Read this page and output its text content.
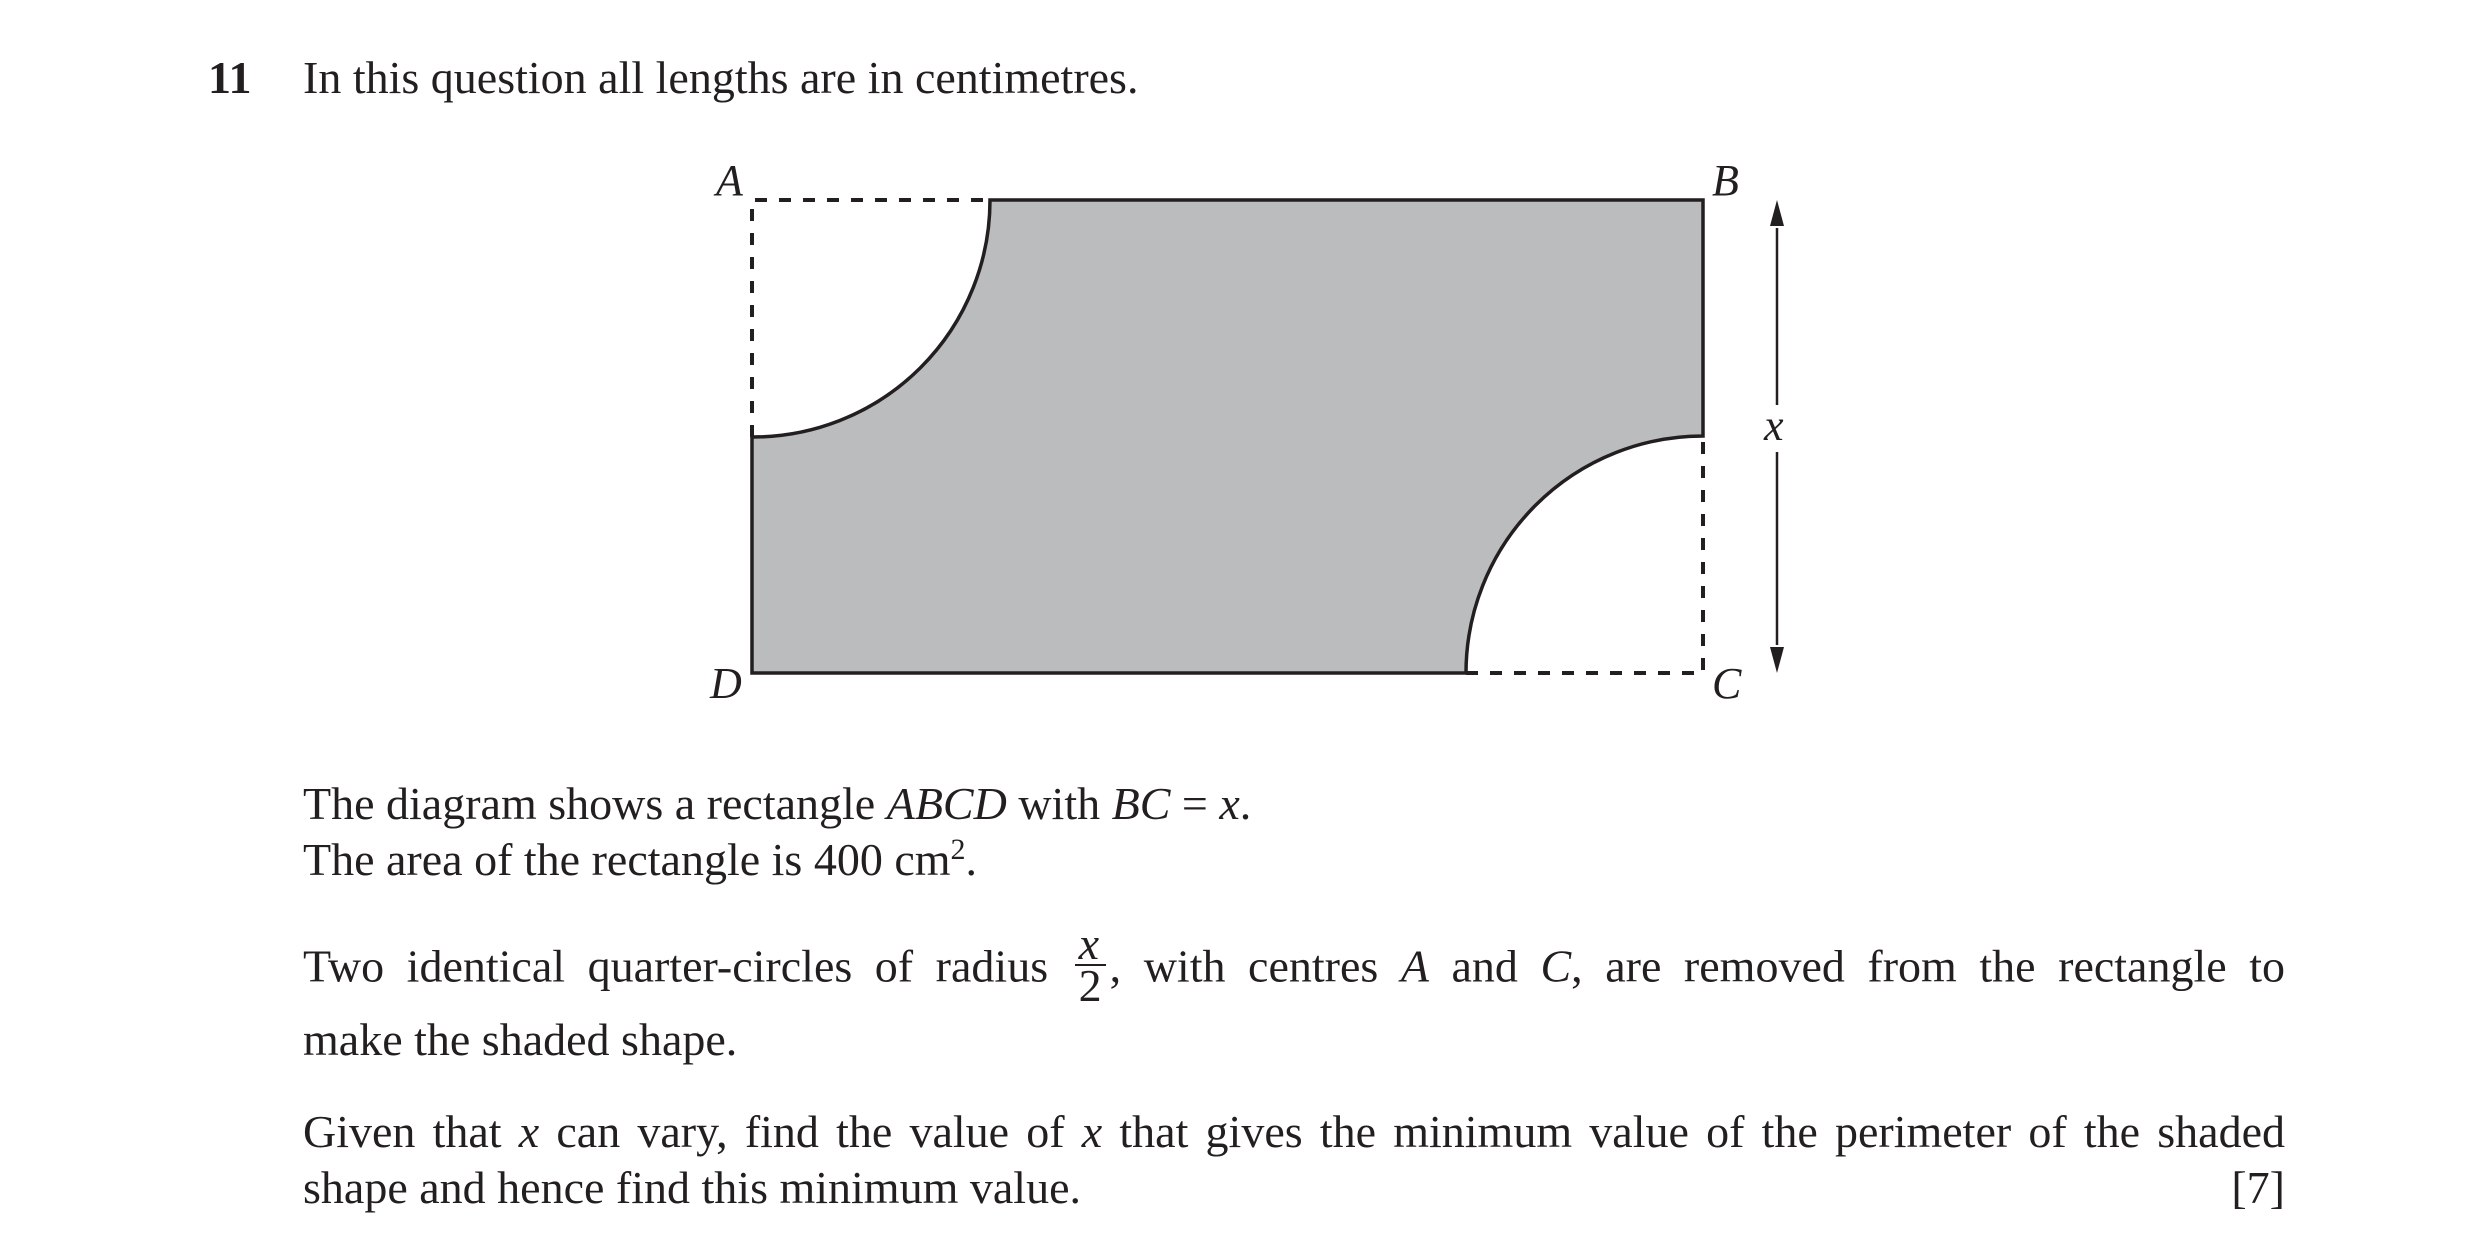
11 In this question all lengths are in centimetres.
A	B
C
D
x
The diagram shows a rectangle ABCD with BC = x.
The area of the rectangle is 400 $cm^2$.
Two identical quarter-circles of radius $\frac{x}{2}$ , with centres A and C, are removed from the rectangle to
make the shaded shape.
Given that x can vary, find the value of x that gives the minimum value of the perimeter of the shaded
shape and hence find this minimum value.	[7]
